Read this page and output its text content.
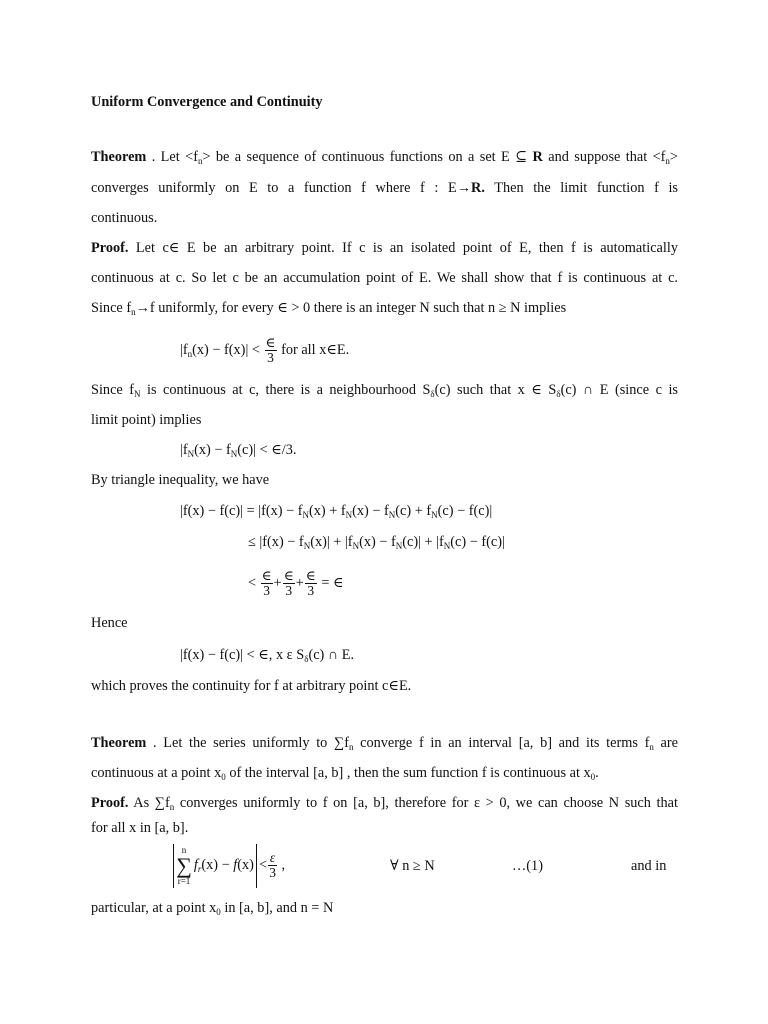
Uniform Convergence and Continuity
Theorem . Let $<f_n>$ be a sequence of continuous functions on a set E ⊆ R and suppose that $<f_n>$
converges uniformly on E to a function f where f : E→R. Then the limit function f is
continuous.
Proof. Let c∈ E be an arbitrary point. If c is an isolated point of E, then f is automatically
continuous at c. So let c be an accumulation point of E. We shall show that f is continuous at c.
Since $f_n\to f$ uniformly, for every ∈ > 0 there is an integer N such that n ≥ N implies
$|f_n(x) - f(x)| < \frac{\in}{3}$ for all x∈E.
Since $f_N$ is continuous at c, there is a neighbourhood $S_\delta(c)$ such that x ∈ $S_\delta(c)$ ∩ E (since c is
limit point) implies
$|f_N(x) - f_N(c)|$ < ∈/3.
By triangle inequality, we have
$|f(x) - f(c)| = |f(x) - f_N(x) + f_N(x) - f_N(c) + f_N(c) - f(c)|$
≤ $|f(x) - f_N(x)| + |f_N(x) - f_N(c)| + |f_N(c) - f(c)|$
< $\frac{\in}{3} + \frac{\in}{3} + \frac{\in}{3}$ = ∈
Hence
|f(x) − f(c)| < ∈, x ε $S_\delta(c)$ ∩ E.
which proves the continuity for f at arbitrary point c∈E.
Theorem . Let the series uniformly to $\sum f_n$ converge f in an interval [a, b] and its terms $f_n$ are
continuous at a point $x_0$ of the interval [a, b] , then the sum function f is continuous at $x_0$.
Proof. As $\sum f_n$ converges uniformly to f on [a, b], therefore for ε > 0, we can choose N such that
for all x in [a, b].
n
∑
$r=1f_r(x) - f(x) < \frac{\varepsilon}{3}$ ,	∀ n ≥ N	…(1)	and in
particular, at a point $x_0$ in [a, b], and n = N
